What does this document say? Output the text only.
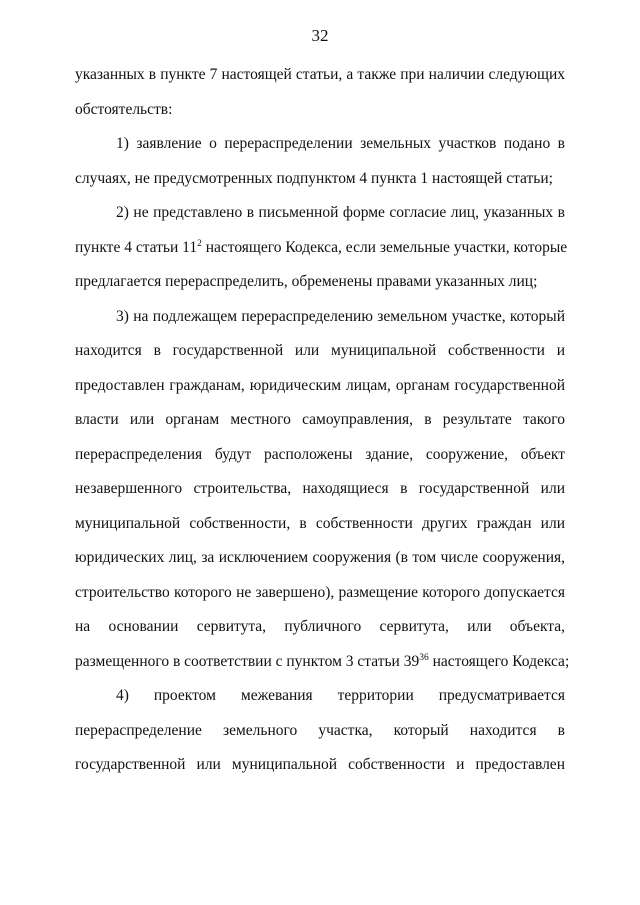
32
указанных в пункте 7 настоящей статьи, а также при наличии следующих
обстоятельств:
1) заявление о перераспределении земельных участков подано в
случаях, не предусмотренных подпунктом 4 пункта 1 настоящей статьи;
2) не представлено в письменной форме согласие лиц, указанных в
пункте 4 статьи $11^2$ настоящего Кодекса, если земельные участки, которые
предлагается перераспределить, обременены правами указанных лиц;
3) на подлежащем перераспределению земельном участке, который
находится в государственной или муниципальной собственности и
предоставлен гражданам, юридическим лицам, органам государственной
власти или органам местного самоуправления, в результате такого
перераспределения будут расположены здание, сооружение, объект
незавершенного строительства, находящиеся в государственной или
муниципальной собственности, в собственности других граждан или
юридических лиц, за исключением сооружения (в том числе сооружения,
строительство которого не завершено), размещение которого допускается
на основании сервитута, публичного сервитута, или объекта,
размещенного в соответствии с пунктом 3 статьи $39^{36}$ настоящего Кодекса;
4) проектом межевания территории предусматривается
перераспределение земельного участка, который находится в
государственной или муниципальной собственности и предоставлен
